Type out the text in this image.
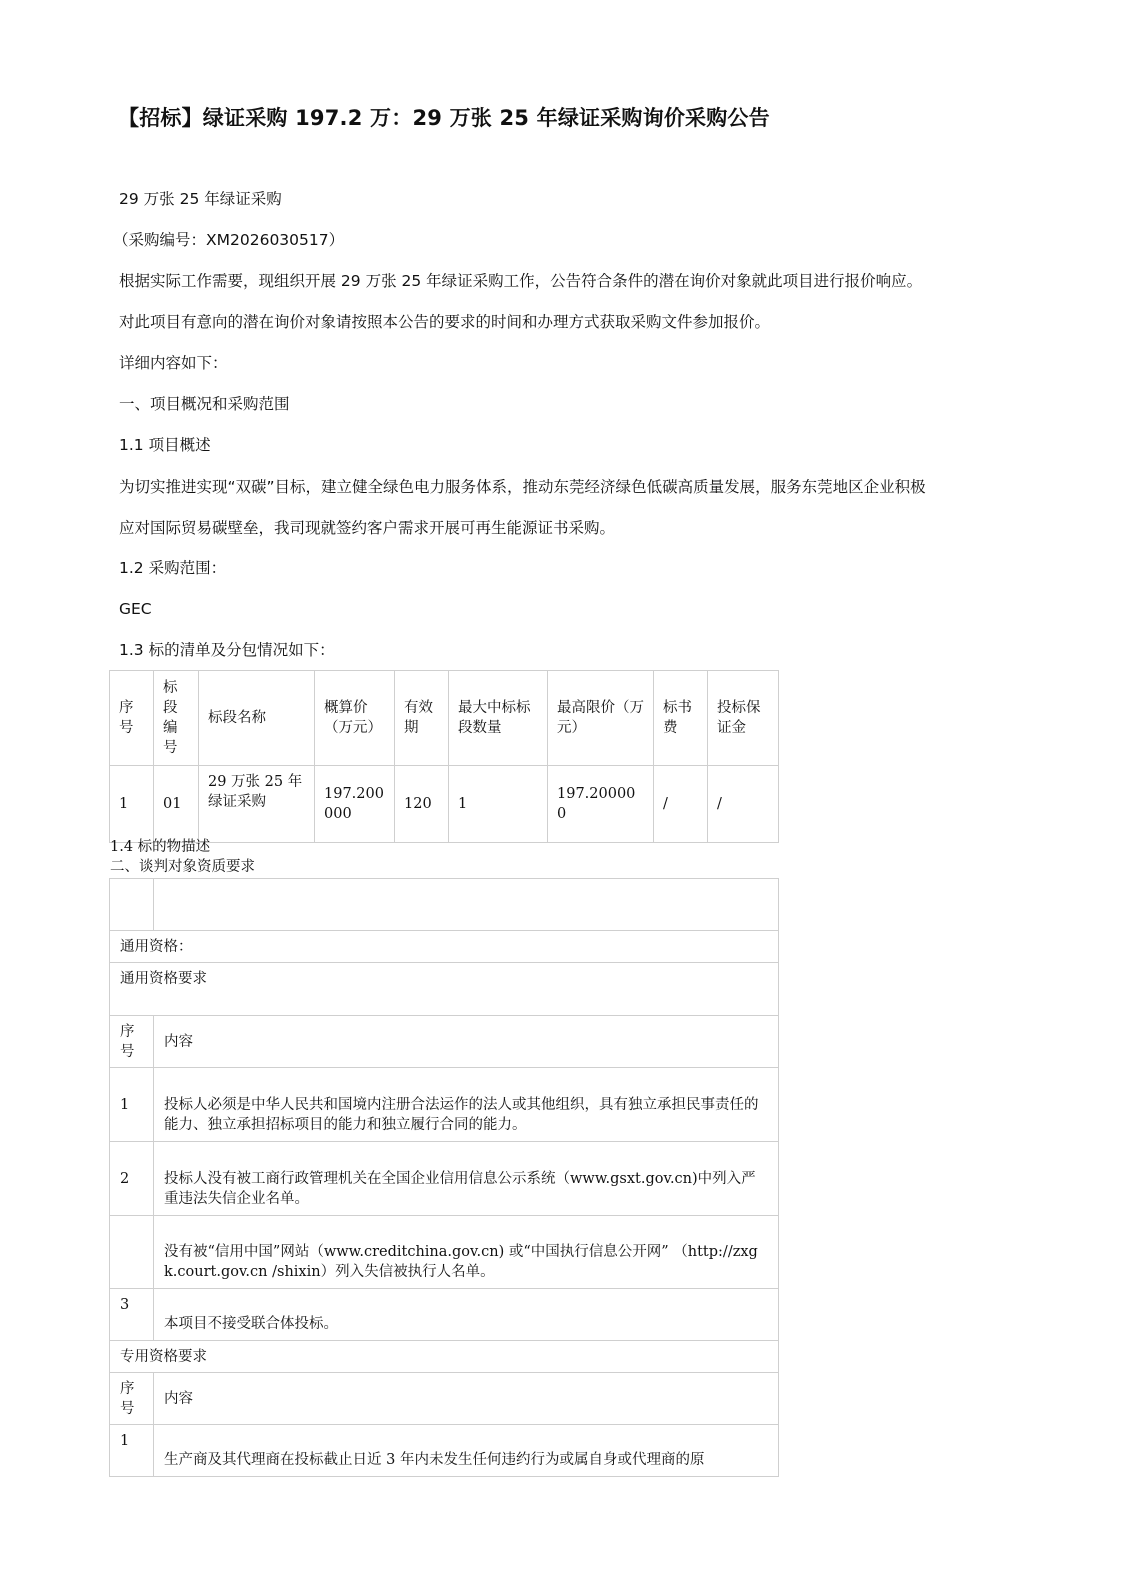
【招标】绿证采购 197.2 万：29 万张 25 年绿证采购询价采购公告

29 万张 25 年绿证采购

（采购编号：XM2026030517）

根据实际工作需要，现组织开展 29 万张 25 年绿证采购工作，公告符合条件的潜在询价对象就此项目进行报价响应。

对此项目有意向的潜在询价对象请按照本公告的要求的时间和办理方式获取采购文件参加报价。

详细内容如下：

一、项目概况和采购范围

1.1 项目概述

为切实推进实现“双碳”目标，建立健全绿色电力服务体系，推动东莞经济绿色低碳高质量发展，服务东莞地区企业积极

应对国际贸易碳壁垒，我司现就签约客户需求开展可再生能源证书采购。

1.2 采购范围：

GEC

1.3 标的清单及分包情况如下：

序号	标段编号	标段名称	概算价（万元）	有效期	最大中标标段数量	最高限价（万元）	标书费	投标保证金
1	01	29 万张 25 年绿证采购	197.200000	120	1	197.200000	/	/

1.4 标的物描述

二、谈判对象资质要求

通用资格：	
通用资格要求	
序号	内容
1	投标人必须是中华人民共和国境内注册合法运作的法人或其他组织，具有独立承担民事责任的能力、独立承担招标项目的能力和独立履行合同的能力。
2	投标人没有被工商行政管理机关在全国企业信用信息公示系统（www.gsxt.gov.cn)中列入严重违法失信企业名单。
	没有被“信用中国”网站（www.creditchina.gov.cn) 或“中国执行信息公开网” （http://zxgk.court.gov.cn /shixin）列入失信被执行人名单。
3	本项目不接受联合体投标。
专用资格要求	
序号	内容
1	生产商及其代理商在投标截止日近 3 年内未发生任何违约行为或属自身或代理商的原
